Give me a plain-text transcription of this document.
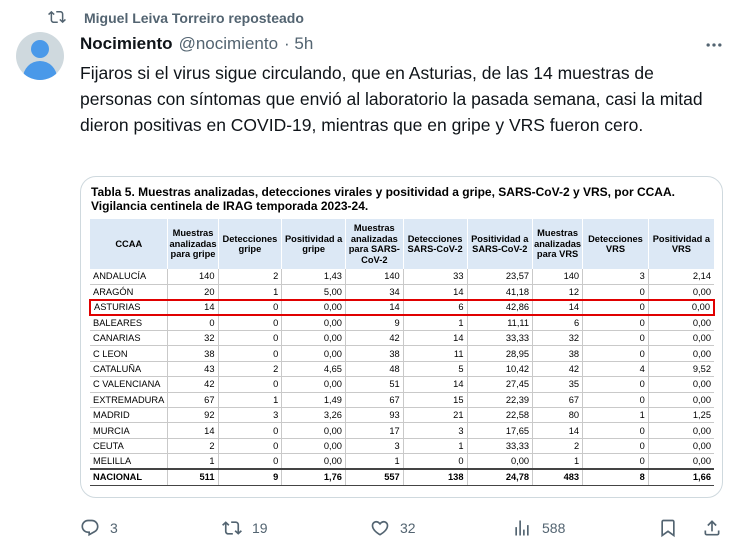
Miguel Leiva Torreiro reposteado
Nocimiento @nocimiento · 5h
Fijaros si el virus sigue circulando, que en Asturias, de las 14 muestras de personas con síntomas que envió al laboratorio la pasada semana, casi la mitad dieron positivas en COVID-19, mientras que en gripe y VRS fueron cero.
Tabla 5. Muestras analizadas, detecciones virales y positividad a gripe, SARS-CoV-2 y VRS, por CCAA. Vigilancia centinela de IRAG temporada 2023-24.
CCAA	Muestras analizadas para gripe	Detecciones gripe	Positividad a gripe	Muestras analizadas para SARS-CoV-2	Detecciones SARS-CoV-2	Positividad a SARS-CoV-2	Muestras analizadas para VRS	Detecciones VRS	Positividad a VRS
ANDALUCÍA	140	2	1,43	140	33	23,57	140	3	2,14
ARAGÓN	20	1	5,00	34	14	41,18	12	0	0,00
ASTURIAS	14	0	0,00	14	6	42,86	14	0	0,00
BALEARES	0	0	0,00	9	1	11,11	6	0	0,00
CANARIAS	32	0	0,00	42	14	33,33	32	0	0,00
C LEON	38	0	0,00	38	11	28,95	38	0	0,00
CATALUÑA	43	2	4,65	48	5	10,42	42	4	9,52
C VALENCIANA	42	0	0,00	51	14	27,45	35	0	0,00
EXTREMADURA	67	1	1,49	67	15	22,39	67	0	0,00
MADRID	92	3	3,26	93	21	22,58	80	1	1,25
MURCIA	14	0	0,00	17	3	17,65	14	0	0,00
CEUTA	2	0	0,00	3	1	33,33	2	0	0,00
MELILLA	1	0	0,00	1	0	0,00	1	0	0,00
NACIONAL	511	9	1,76	557	138	24,78	483	8	1,66
3	19	32	588
